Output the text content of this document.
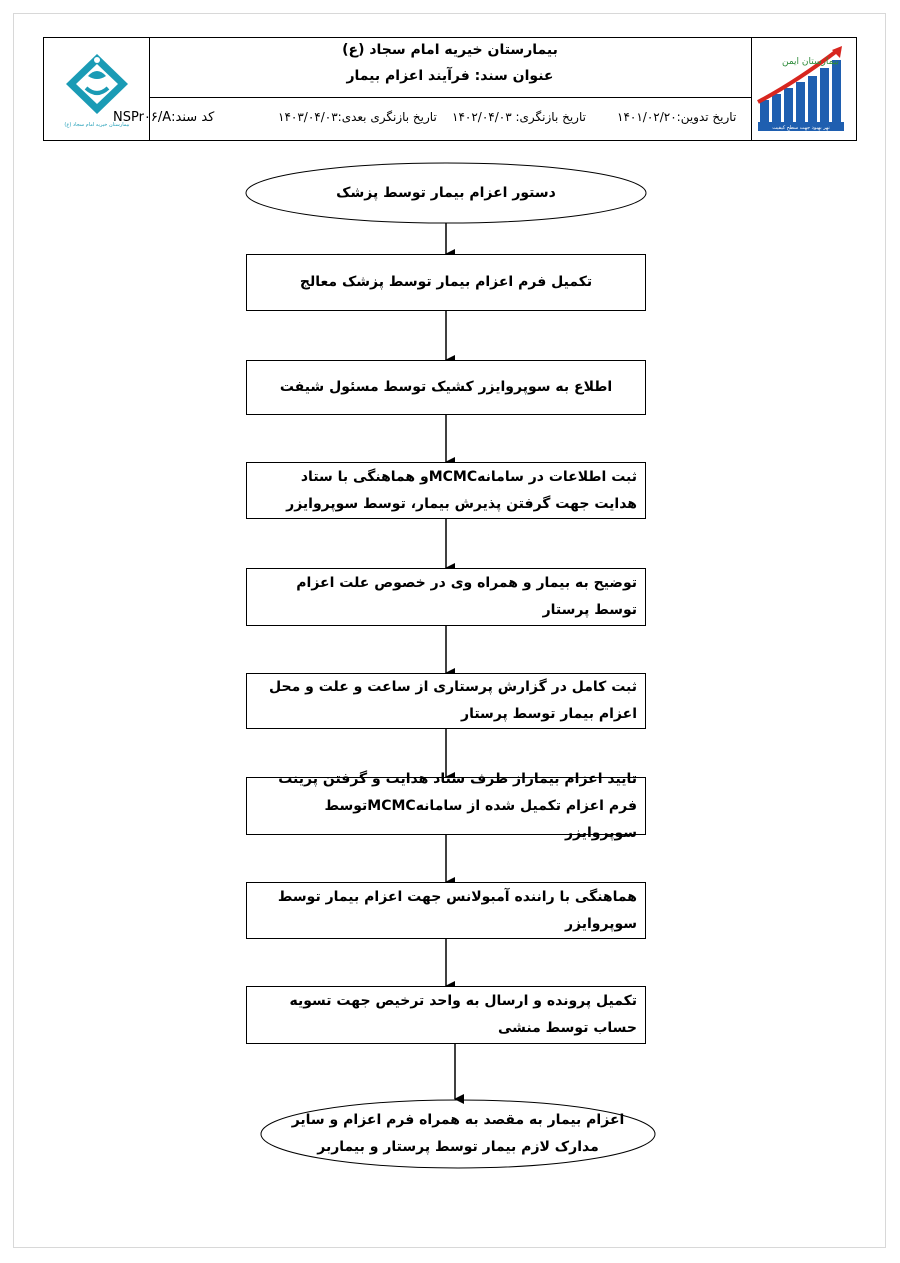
بیمارستان خیریه امام سجاد (ع)
عنوان سند: فرآیند اعزام بیمار
کد سند:NSPr۰۶/A	تاریخ بازنگری بعدی:۱۴۰۳/۰۴/۰۳ تاریخ بازنگری: ۱۴۰۲/۰۴/۰۳	تاریخ تدوین:۱۴۰۱/۰۲/۲۰
بیمارستان خیریه امام سجاد (ع)
بیمارستان ایمن
نهر بهبود جهت سطح کیفیت
دستور اعزام بیمار توسط پزشک
تکمیل فرم اعزام بیمار توسط پزشک معالج
اطلاع به سوپروایزر کشیک توسط مسئول شیفت
ثبت اطلاعات در سامانهMCMCو هماهنگی با ستاد هدایت جهت گرفتن پذیرش بیمار، توسط سوپروایزر
توضیح به بیمار و همراه وی در خصوص علت اعزام توسط پرستار
ثبت کامل در گزارش پرستاری از ساعت و علت و محل اعزام بیمار توسط پرستار
تایید اعزام بیماراز طرف ستاد هدایت و گرفتن پرینت فرم اعزام تکمیل شده از سامانهMCMCتوسط سوپروایزر
هماهنگی با راننده آمبولانس جهت اعزام بیمار توسط سوپروایزر
تکمیل پرونده و ارسال به واحد ترخیص جهت تسویه حساب توسط منشی
اعزام بیمار به مقصد به همراه فرم اعزام و سایر مدارک لازم بیمار توسط پرستار و بیماربر
